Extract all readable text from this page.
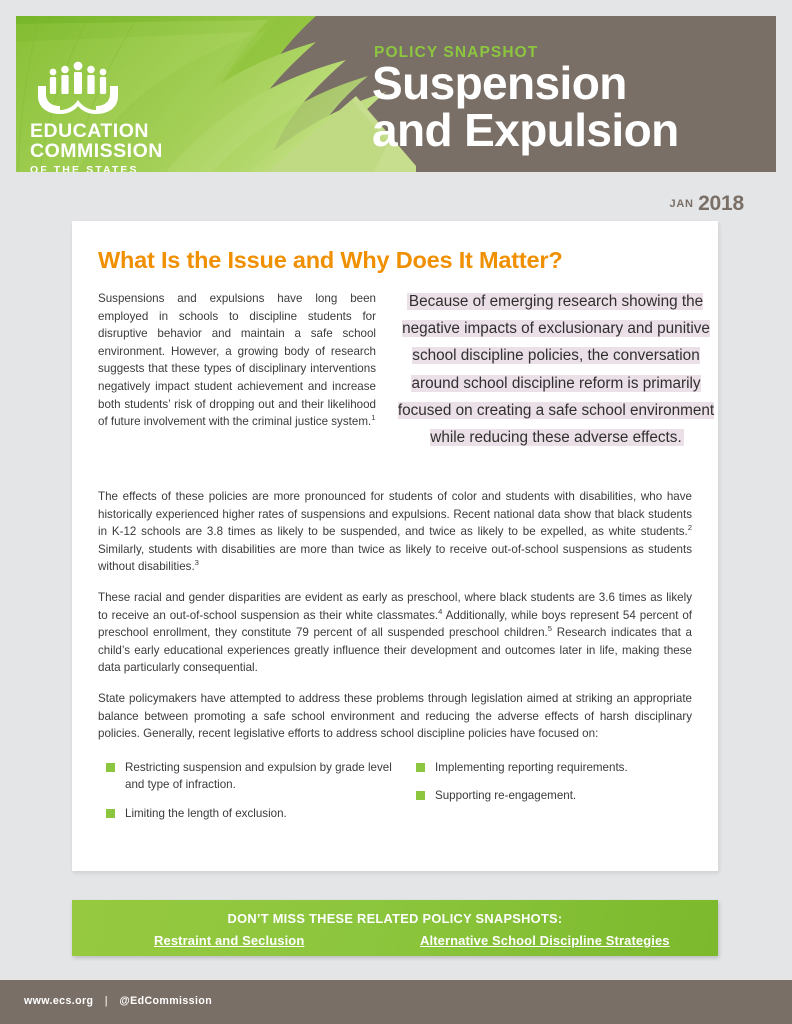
EDUCATION
COMMISSION
OF THE STATES
POLICY SNAPSHOT
Suspension
and Expulsion
JAN 2018
What Is the Issue and Why Does It Matter?

Suspensions and expulsions have long been employed in schools to discipline students for disruptive behavior and maintain a safe school environment. However, a growing body of research suggests that these types of disciplinary interventions negatively impact student achievement and increase both students’ risk of dropping out and their likelihood of future involvement with the criminal justice system.$^1$

Because of emerging research showing the negative impacts of exclusionary and punitive school discipline policies, the conversation around school discipline reform is primarily focused on creating a safe school environment while reducing these adverse effects.

The effects of these policies are more pronounced for students of color and students with disabilities, who have historically experienced higher rates of suspensions and expulsions. Recent national data show that black students in K-12 schools are 3.8 times as likely to be suspended, and twice as likely to be expelled, as white students.$^2$ Similarly, students with disabilities are more than twice as likely to receive out-of-school suspensions as students without disabilities.$^3$

These racial and gender disparities are evident as early as preschool, where black students are 3.6 times as likely to receive an out-of-school suspension as their white classmates.$^4$ Additionally, while boys represent 54 percent of preschool enrollment, they constitute 79 percent of all suspended preschool children.$^5$ Research indicates that a child’s early educational experiences greatly influence their development and outcomes later in life, making these data particularly consequential.

State policymakers have attempted to address these problems through legislation aimed at striking an appropriate balance between promoting a safe school environment and reducing the adverse effects of harsh disciplinary policies. Generally, recent legislative efforts to address school discipline policies have focused on:

Restricting suspension and expulsion by grade level and type of infraction.
Limiting the length of exclusion.
Implementing reporting requirements.
Supporting re-engagement.
DON’T MISS THESE RELATED POLICY SNAPSHOTS:
Restraint and Seclusion	Alternative School Discipline Strategies
www.ecs.org | @EdCommission
